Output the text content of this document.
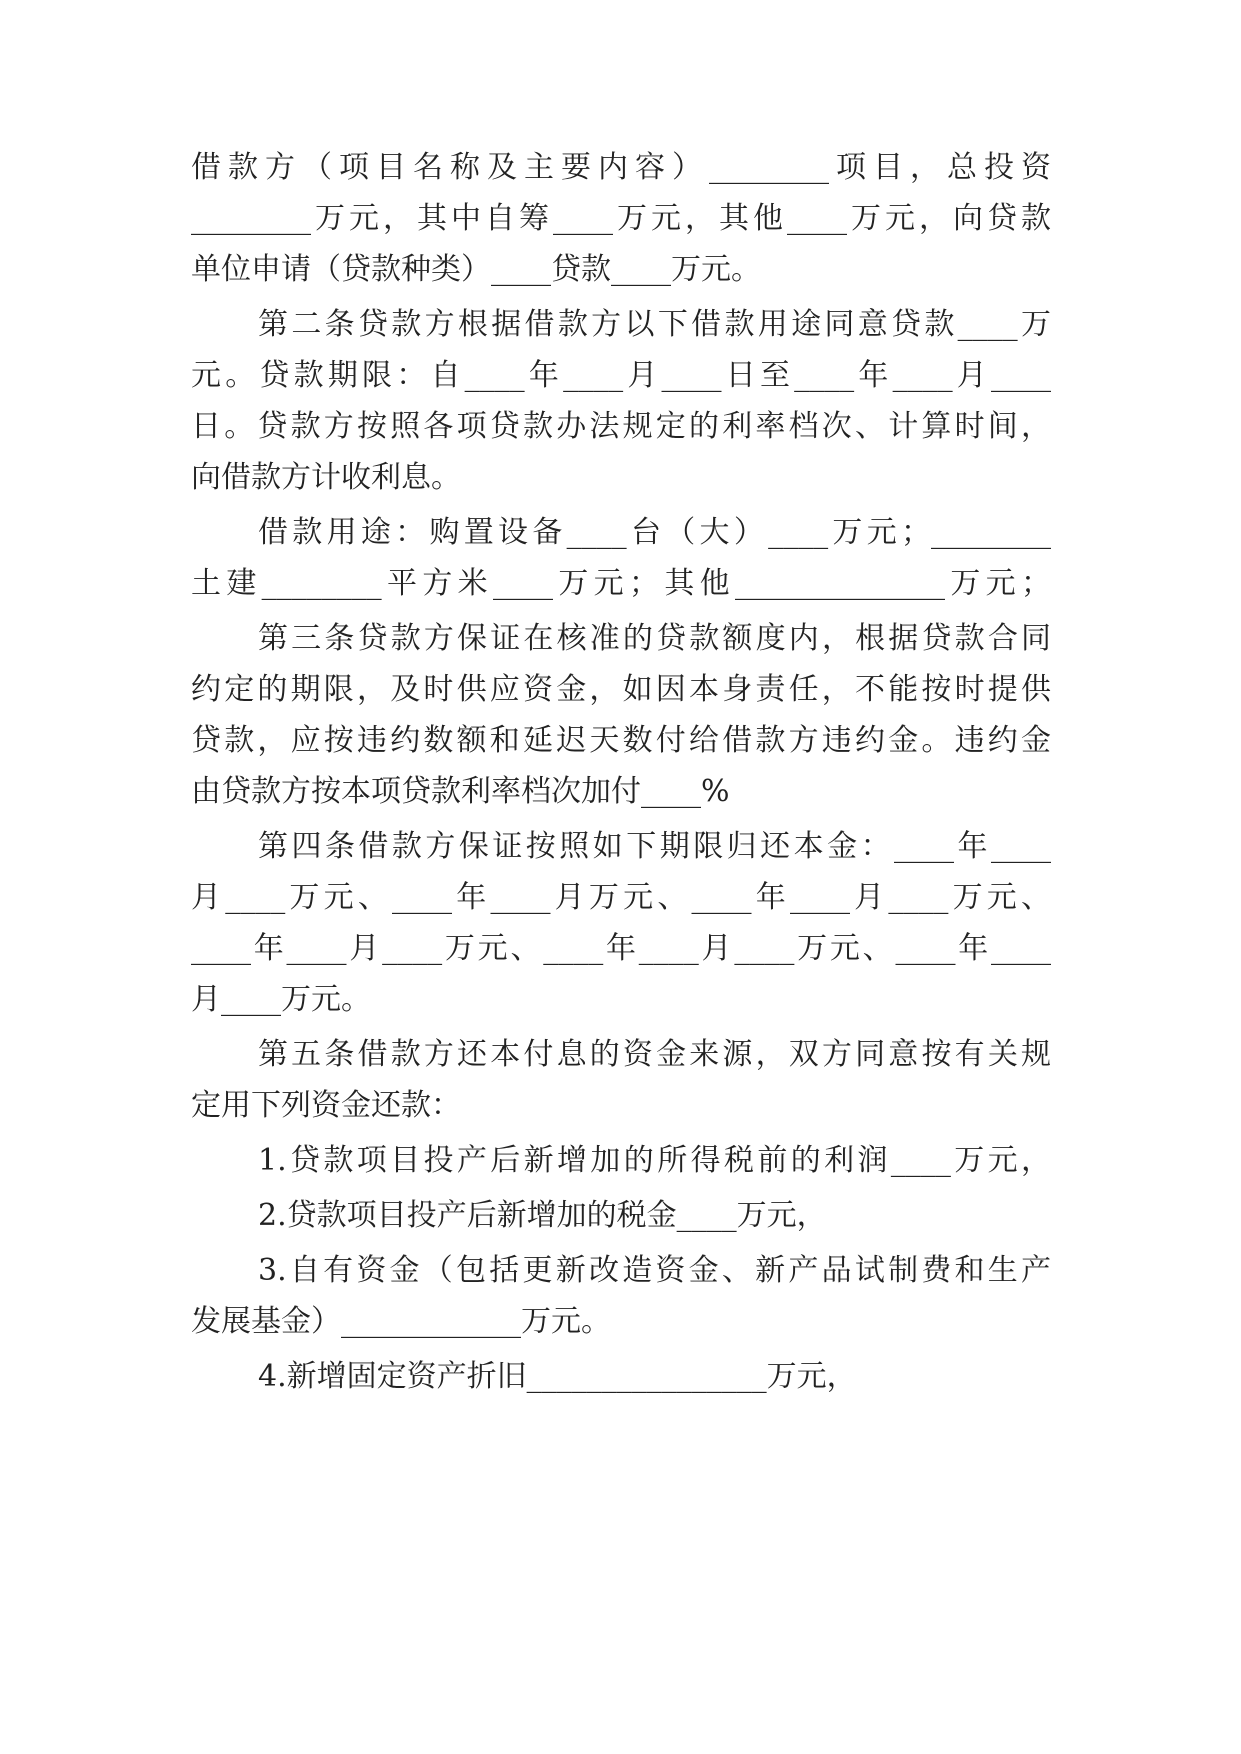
借款方（项目名称及主要内容）________项目，总投资
________万元，其中自筹____万元，其他____万元，向贷款
单位申请（贷款种类）____贷款____万元。
第二条贷款方根据借款方以下借款用途同意贷款____万
元。贷款期限：自____年____月____日至____年____月____
日。贷款方按照各项贷款办法规定的利率档次、计算时间，
向借款方计收利息。
借款用途：购置设备____台（大）____万元；________
土建________平方米____万元；其他______________万元；
第三条贷款方保证在核准的贷款额度内，根据贷款合同
约定的期限，及时供应资金，如因本身责任，不能按时提供
贷款，应按违约数额和延迟天数付给借款方违约金。违约金
由贷款方按本项贷款利率档次加付____%
第四条借款方保证按照如下期限归还本金：____年____
月____万元、____年____月万元、____年____月____万元、
____年____月____万元、____年____月____万元、____年____
月____万元。
第五条借款方还本付息的资金来源，双方同意按有关规
定用下列资金还款：
1.贷款项目投产后新增加的所得税前的利润____万元，
2.贷款项目投产后新增加的税金____万元，
3.自有资金（包括更新改造资金、新产品试制费和生产
发展基金）____________万元。
4.新增固定资产折旧________________万元，
